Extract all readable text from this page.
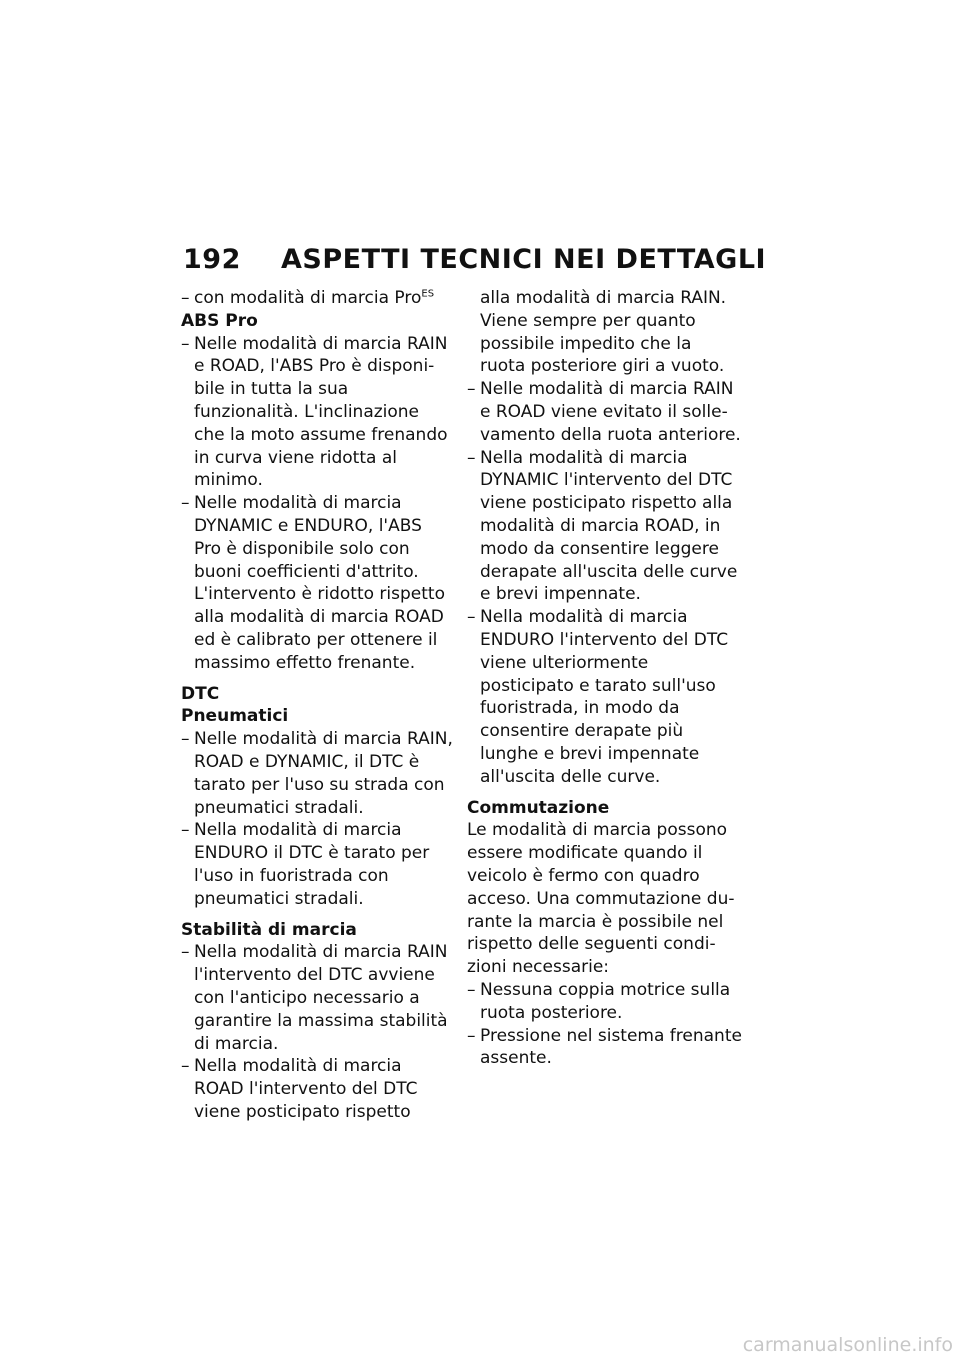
192 ASPETTI TECNICI NEI DETTAGLI

– con modalità di marcia Pro$^{ES}$

ABS Pro

– Nelle modalità di marcia RAIN e ROAD, l'ABS Pro è disponibile in tutta la sua funzionalità. L'inclinazione che la moto assume frenando in curva viene ridotta al minimo.

– Nelle modalità di marcia DYNAMIC e ENDURO, l'ABS Pro è disponibile solo con buoni coefficienti d'attrito. L'intervento è ridotto rispetto alla modalità di marcia ROAD ed è calibrato per ottenere il massimo effetto frenante.

DTC

Pneumatici

– Nelle modalità di marcia RAIN, ROAD e DYNAMIC, il DTC è tarato per l'uso su strada con pneumatici stradali.

– Nella modalità di marcia ENDURO il DTC è tarato per l'uso in fuoristrada con pneumatici stradali.

Stabilità di marcia

– Nella modalità di marcia RAIN l'intervento del DTC avviene con l'anticipo necessario a garantire la massima stabilità di marcia.

– Nella modalità di marcia ROAD l'intervento del DTC viene posticipato rispetto

alla modalità di marcia RAIN. Viene sempre per quanto possibile impedito che la ruota posteriore giri a vuoto.

– Nelle modalità di marcia RAIN e ROAD viene evitato il sollevamento della ruota anteriore.

– Nella modalità di marcia DYNAMIC l'intervento del DTC viene posticipato rispetto alla modalità di marcia ROAD, in modo da consentire leggere derapate all'uscita delle curve e brevi impennate.

– Nella modalità di marcia ENDURO l'intervento del DTC viene ulteriormente posticipato e tarato sull'uso fuoristrada, in modo da consentire derapate più lunghe e brevi impennate all'uscita delle curve.

Commutazione

Le modalità di marcia possono essere modificate quando il veicolo è fermo con quadro acceso. Una commutazione durante la marcia è possibile nel rispetto delle seguenti condizioni necessarie:

– Nessuna coppia motrice sulla ruota posteriore.

– Pressione nel sistema frenante assente.

carmanualsonline.info
